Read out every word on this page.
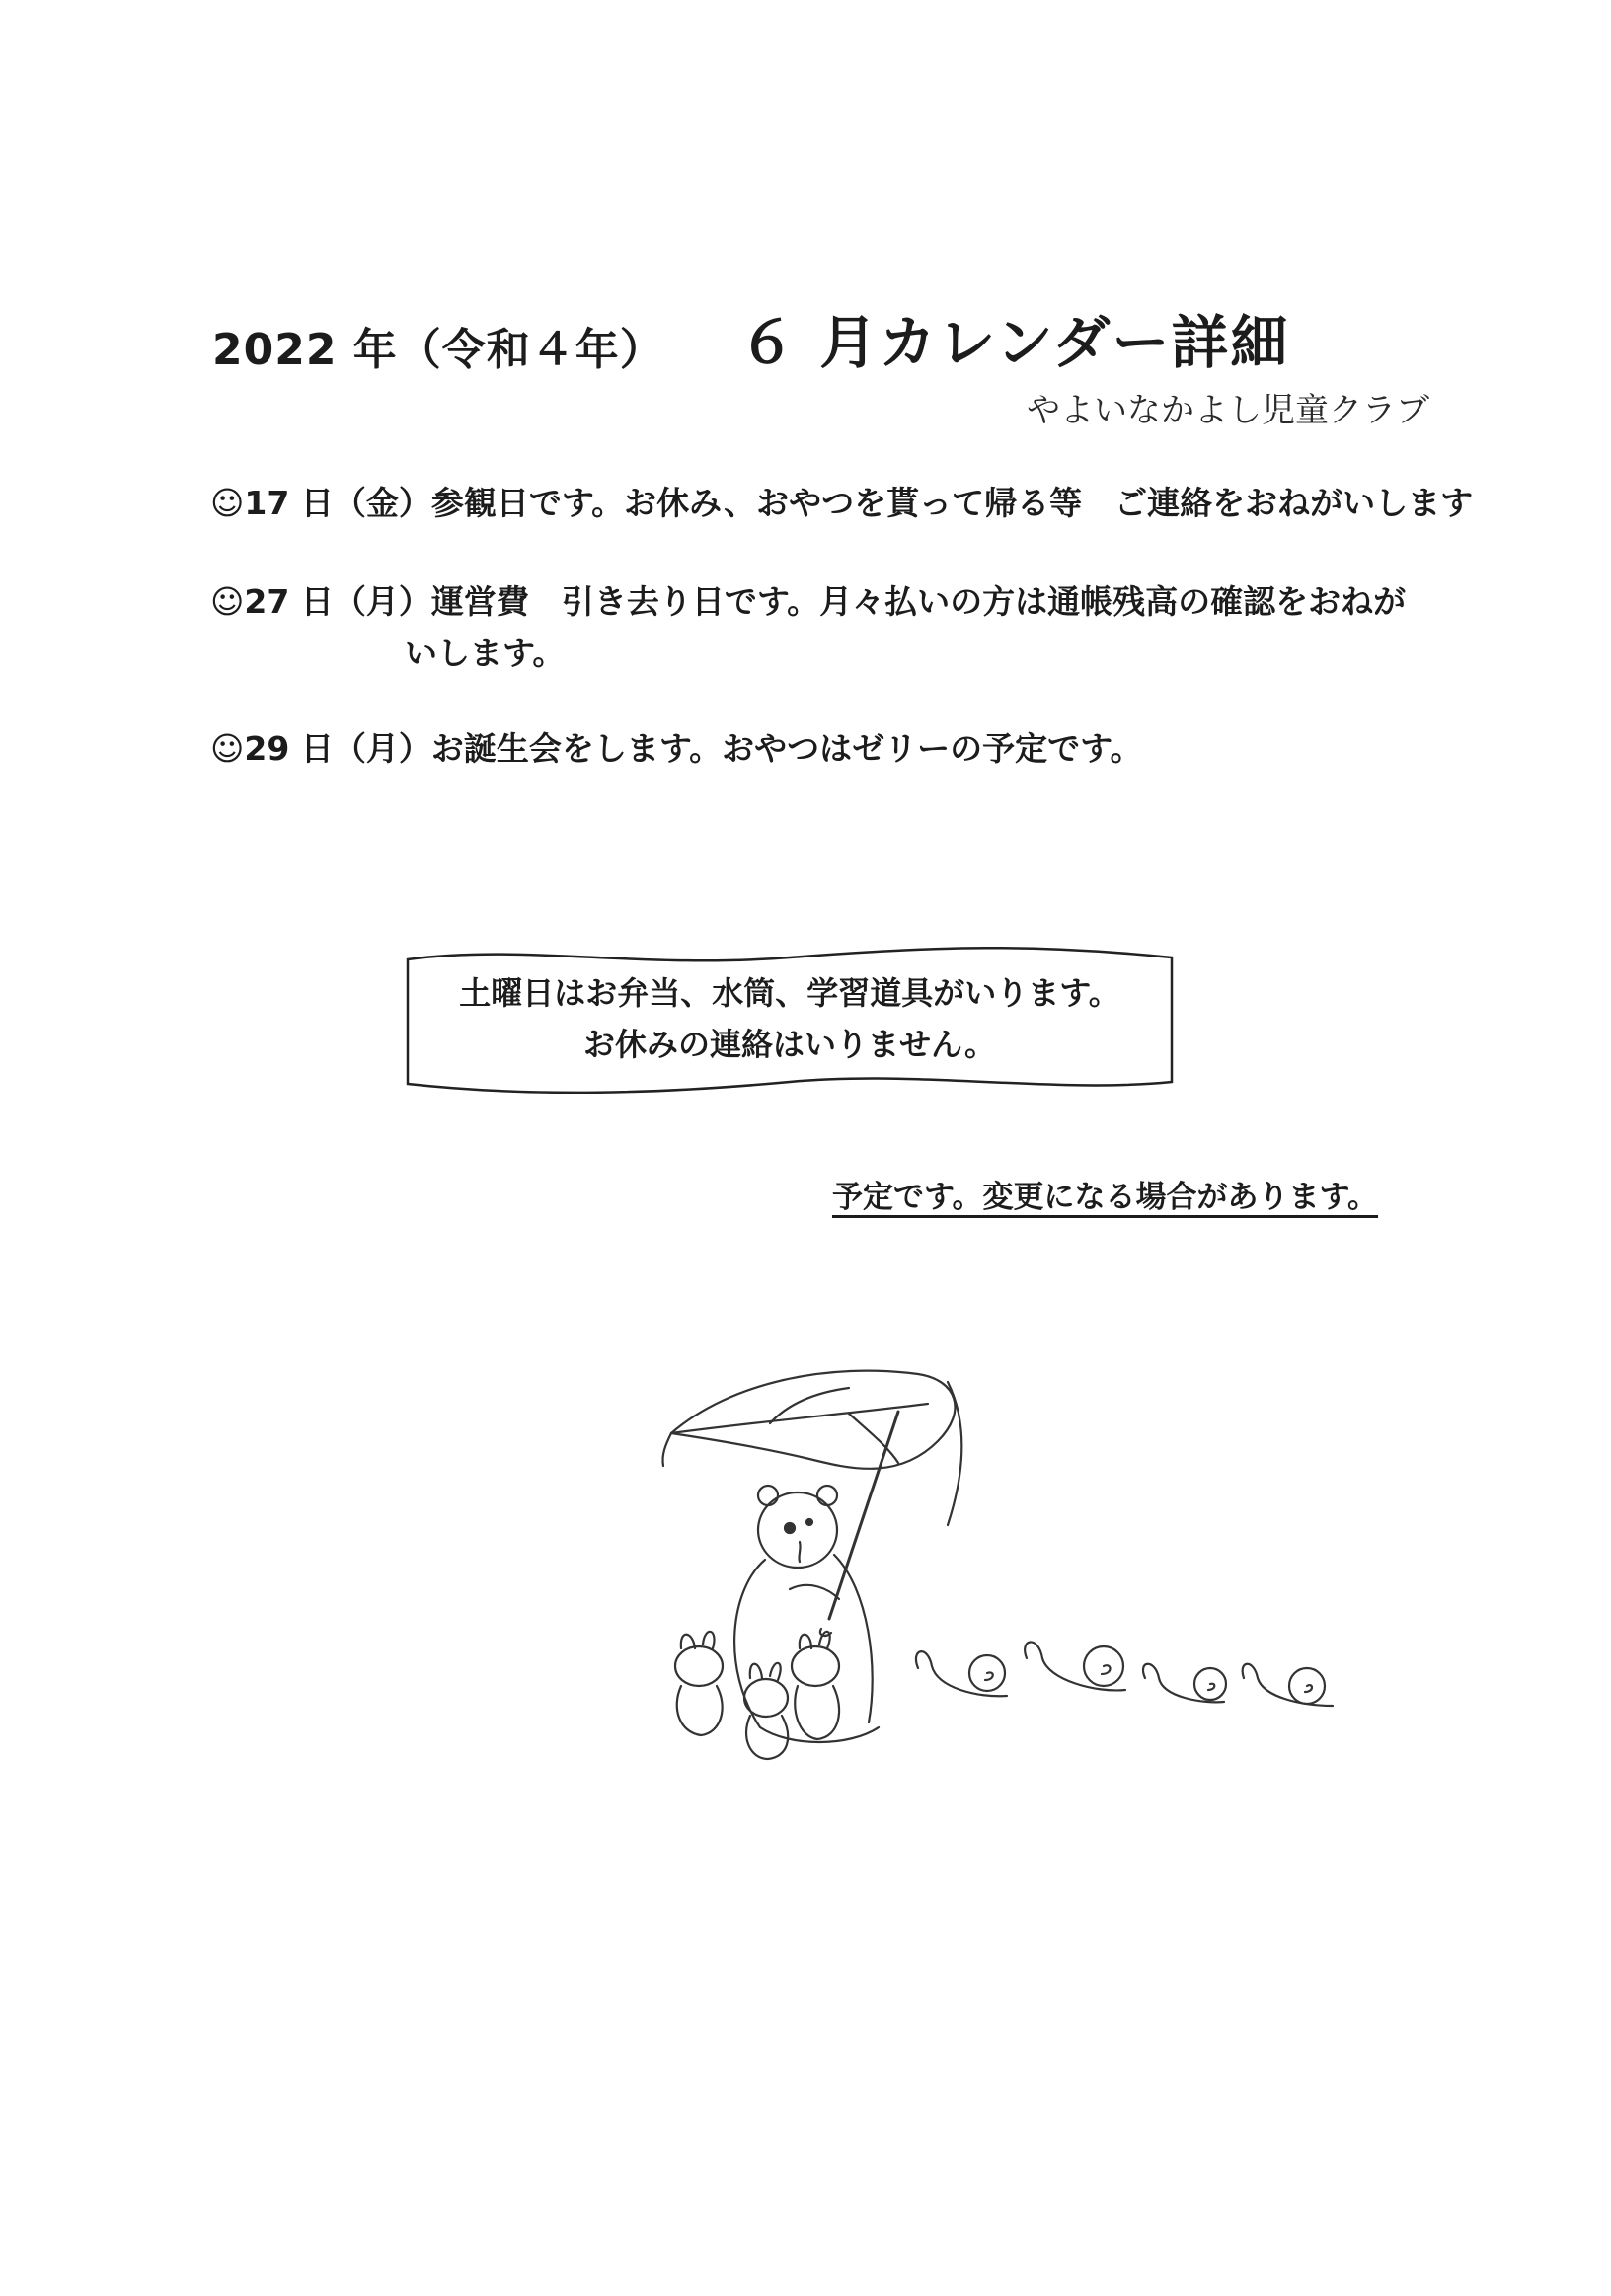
2022 年（令和４年） ６ 月カレンダー詳細
やよいなかよし児童クラブ
☺17 日（金）参観日です。お休み、おやつを貰って帰る等　ご連絡をおねがいします
☺27 日（月）運営費　引き去り日です。月々払いの方は通帳残高の確認をおねが
いします。
☺29 日（月）お誕生会をします。おやつはゼリーの予定です。
土曜日はお弁当、水筒、学習道具がいります。
お休みの連絡はいりません。
予定です。変更になる場合があります。
